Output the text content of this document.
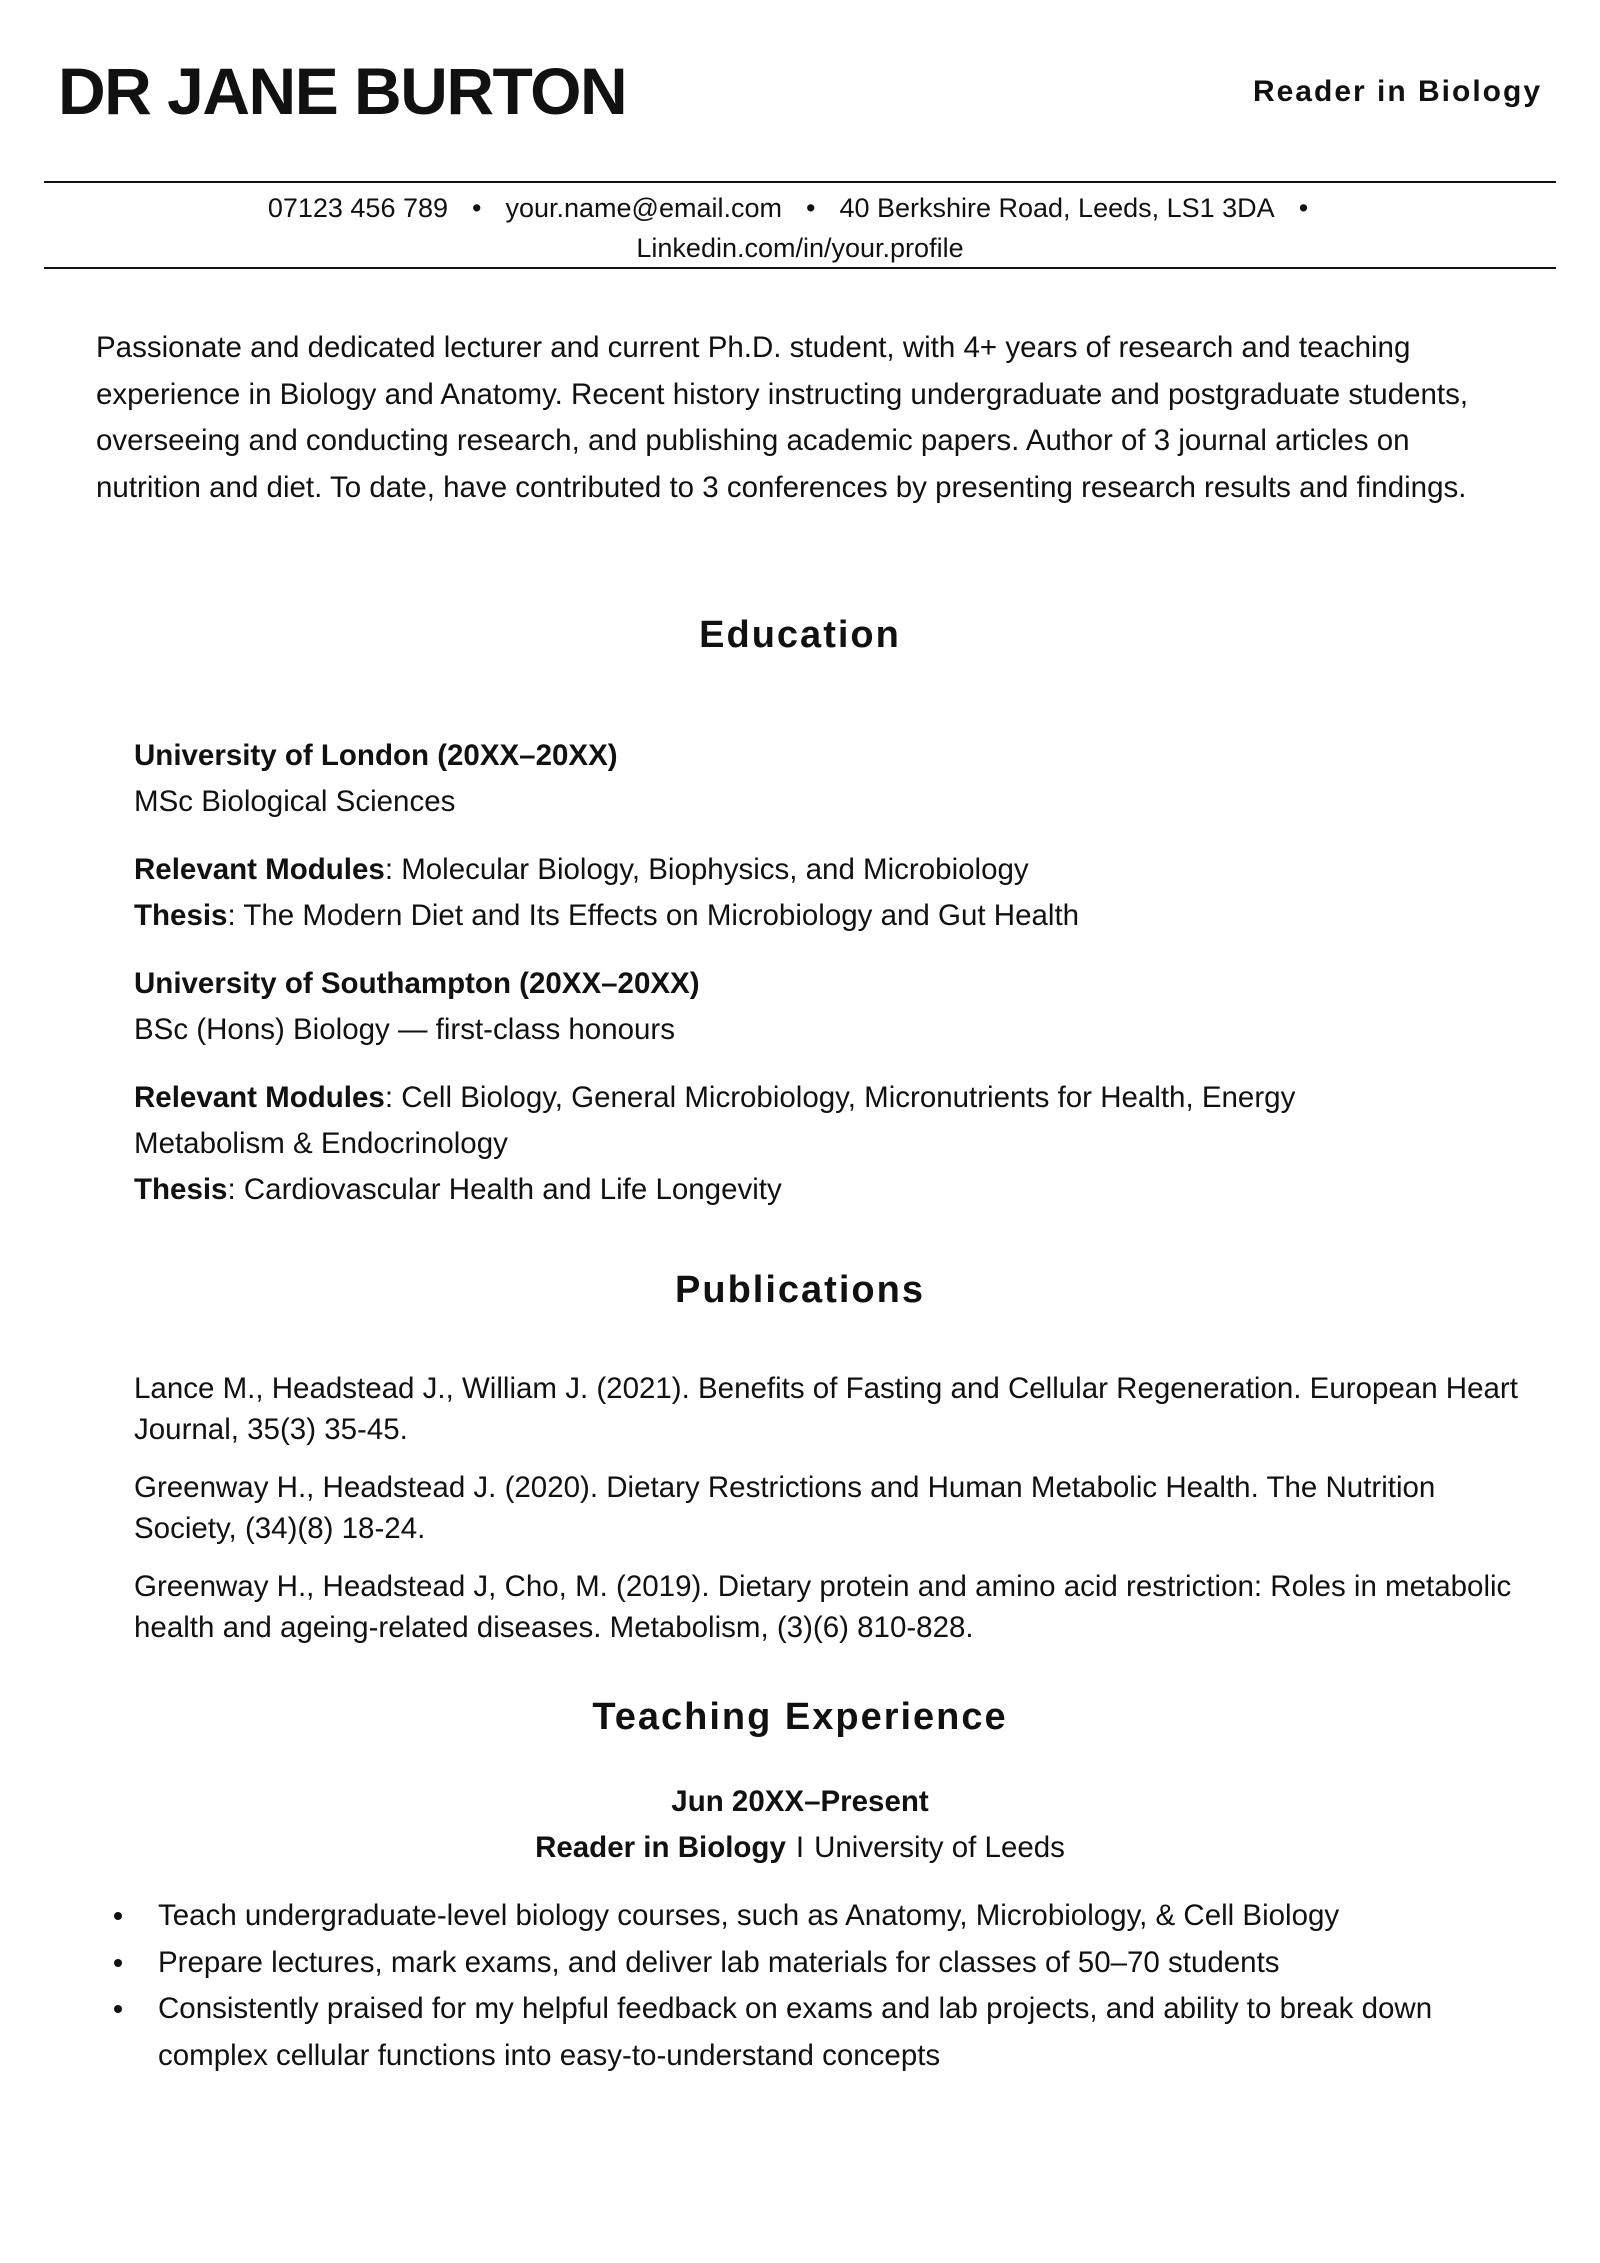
DR JANE BURTON	Reader in Biology
07123 456 789 • your.name@email.com • 40 Berkshire Road, Leeds, LS1 3DA •
Linkedin.com/in/your.profile

Passionate and dedicated lecturer and current Ph.D. student, with 4+ years of research and teaching experience in Biology and Anatomy. Recent history instructing undergraduate and postgraduate students, overseeing and conducting research, and publishing academic papers. Author of 3 journal articles on nutrition and diet. To date, have contributed to 3 conferences by presenting research results and findings.

Education

University of London (20XX–20XX)

MSc Biological Sciences

Relevant Modules: Molecular Biology, Biophysics, and Microbiology

Thesis: The Modern Diet and Its Effects on Microbiology and Gut Health

University of Southampton (20XX–20XX)

BSc (Hons) Biology — first-class honours

Relevant Modules: Cell Biology, General Microbiology, Micronutrients for Health, Energy Metabolism & Endocrinology

Thesis: Cardiovascular Health and Life Longevity

Publications

Lance M., Headstead J., William J. (2021). Benefits of Fasting and Cellular Regeneration. European Heart Journal, 35(3) 35-45.

Greenway H., Headstead J. (2020). Dietary Restrictions and Human Metabolic Health. The Nutrition Society, (34)(8) 18-24.

Greenway H., Headstead J, Cho, M. (2019). Dietary protein and amino acid restriction: Roles in metabolic health and ageing-related diseases. Metabolism, (3)(6) 810-828.

Teaching Experience
Jun 20XX–Present
Reader in Biology I University of Leeds
Teach undergraduate-level biology courses, such as Anatomy, Microbiology, & Cell Biology
Prepare lectures, mark exams, and deliver lab materials for classes of 50–70 students
Consistently praised for my helpful feedback on exams and lab projects, and ability to break down complex cellular functions into easy-to-understand concepts
